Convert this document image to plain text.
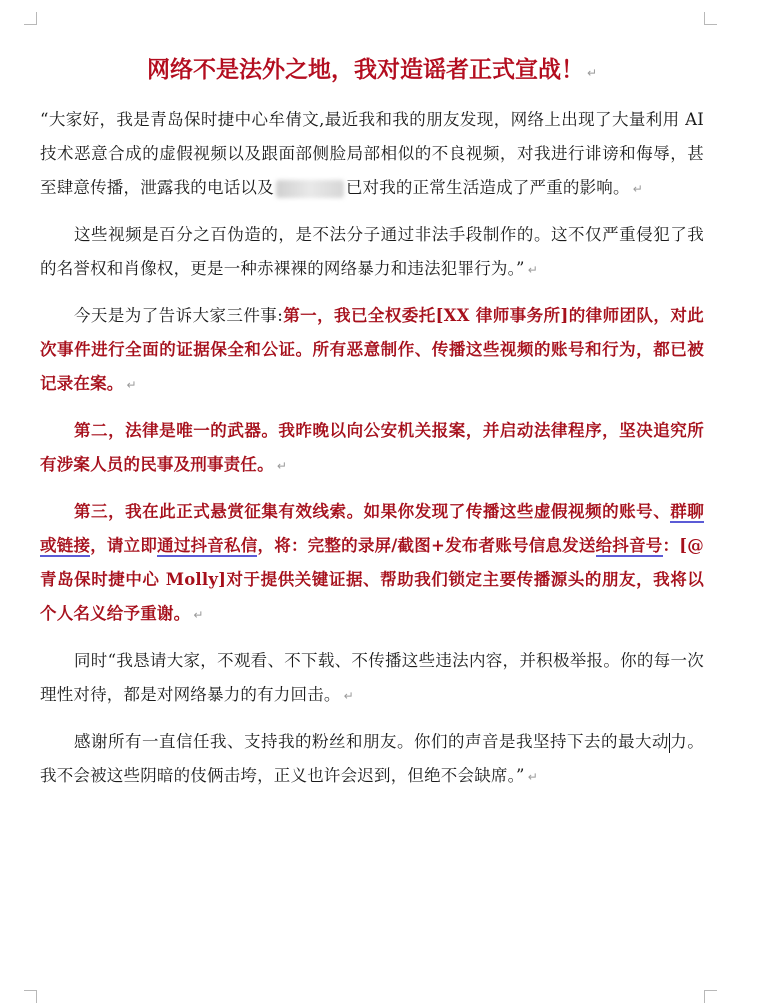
网络不是法外之地，我对造谣者正式宣战！ ↵

“大家好，我是青岛保时捷中心牟倩文,最近我和我的朋友发现，网络上出现了大量利用 AI 技术恶意合成的虚假视频以及跟面部侧脸局部相似的不良视频，对我进行诽谤和侮辱，甚至肆意传播，泄露我的电话以及	已对我的正常生活造成了严重的影响。 ↵

这些视频是百分之百伪造的，是不法分子通过非法手段制作的。这不仅严重侵犯了我的名誉权和肖像权，更是一种赤裸裸的网络暴力和违法犯罪行为。” ↵

今天是为了告诉大家三件事:第一，我已全权委托[XX 律师事务所]的律师团队，对此次事件进行全面的证据保全和公证。所有恶意制作、传播这些视频的账号和行为，都已被记录在案。 ↵

第二，法律是唯一的武器。我昨晚以向公安机关报案，并启动法律程序，坚决追究所有涉案人员的民事及刑事责任。 ↵

第三，我在此正式悬赏征集有效线索。如果你发现了传播这些虚假视频的账号、群聊或链接，请立即通过抖音私信，将：完整的录屏/截图+发布者账号信息发送给抖音号：[@青岛保时捷中心 Molly]对于提供关键证据、帮助我们锁定主要传播源头的朋友，我将以个人名义给予重谢。 ↵

同时“我恳请大家，不观看、不下载、不传播这些违法内容，并积极举报。你的每一次理性对待，都是对网络暴力的有力回击。 ↵

感谢所有一直信任我、支持我的粉丝和朋友。你们的声音是我坚持下去的最大动力。我不会被这些阴暗的伎俩击垮，正义也许会迟到，但绝不会缺席。” ↵
